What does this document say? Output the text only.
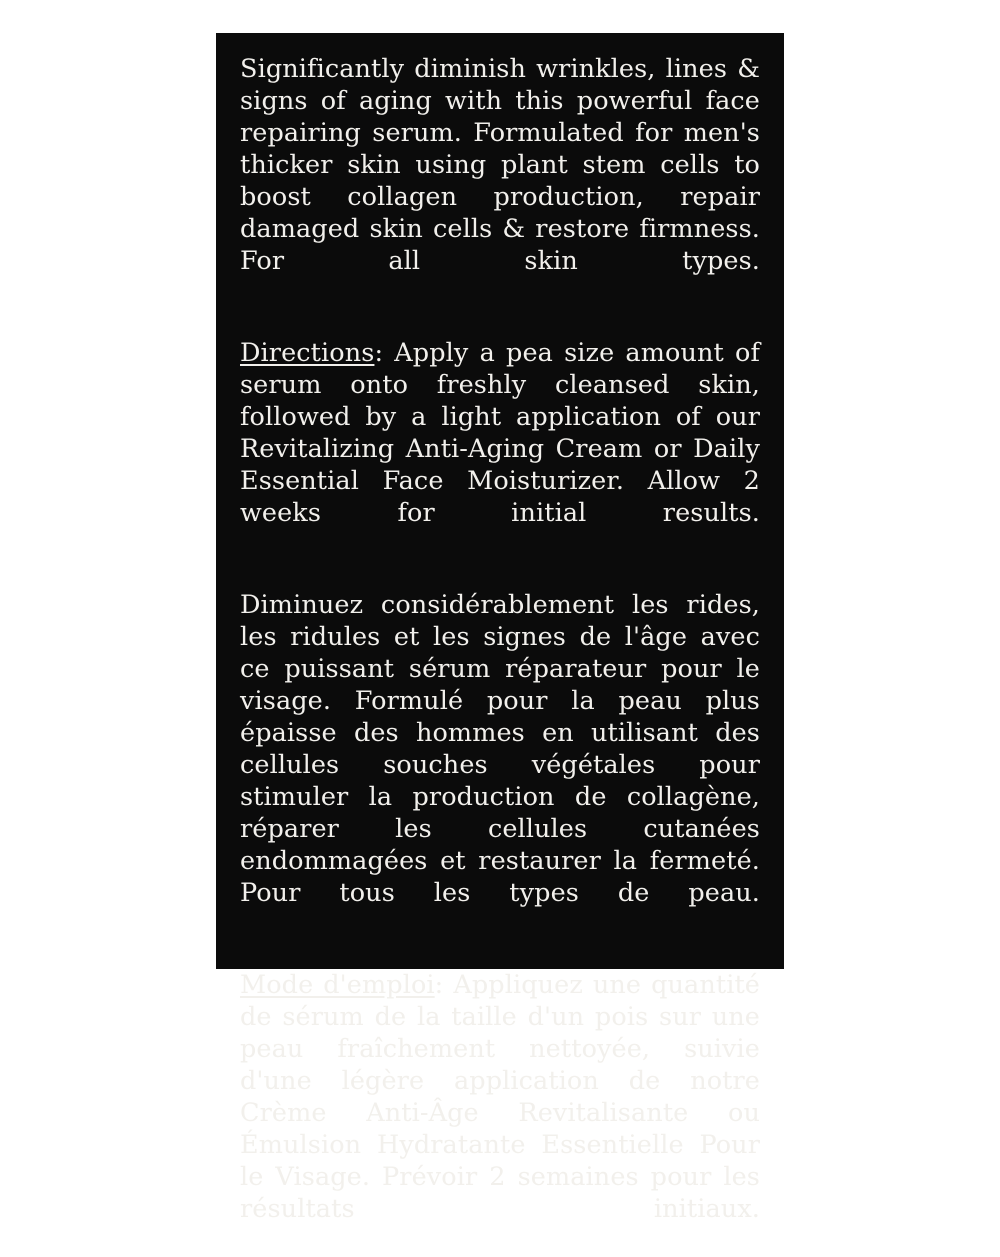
Significantly diminish wrinkles, lines & signs of aging with this powerful face repairing serum. Formulated for men's thicker skin using plant stem cells to boost collagen production, repair damaged skin cells & restore firmness. For all skin types.

Directions: Apply a pea size amount of serum onto freshly cleansed skin, followed by a light application of our Revitalizing Anti-Aging Cream or Daily Essential Face Moisturizer. Allow 2 weeks for initial results.

Diminuez considérablement les rides, les ridules et les signes de l'âge avec ce puissant sérum réparateur pour le visage. Formulé pour la peau plus épaisse des hommes en utilisant des cellules souches végétales pour stimuler la production de collagène, réparer les cellules cutanées endommagées et restaurer la fermeté. Pour tous les types de peau.

Mode d'emploi: Appliquez une quantité de sérum de la taille d'un pois sur une peau fraîchement nettoyée, suivie d'une légère application de notre Crème Anti-Âge Revitalisante ou Émulsion Hydratante Essentielle Pour le Visage. Prévoir 2 semaines pour les résultats initiaux.
